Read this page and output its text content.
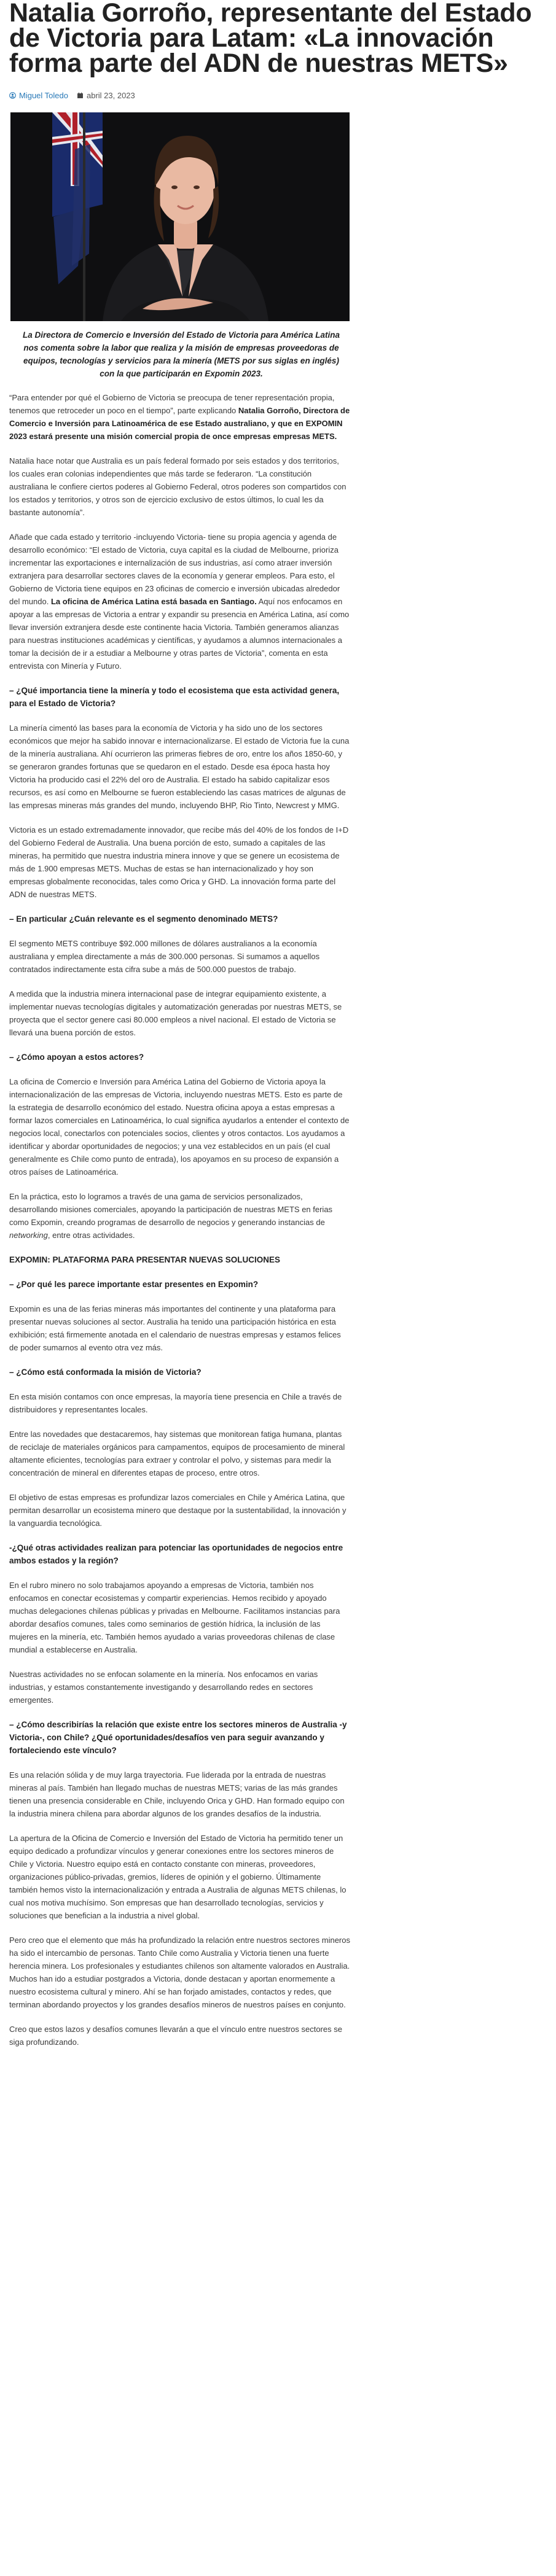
Natalia Gorroño, representante del Estado de Victoria para Latam: «La innovación forma parte del ADN de nuestras METS»
Miguel Toledo abril 23, 2023
La Directora de Comercio e Inversión del Estado de Victoria para América Latina nos comenta sobre la labor que realiza y la misión de empresas proveedoras de equipos, tecnologías y servicios para la minería (METS por sus siglas en inglés) con la que participarán en Expomin 2023.

“Para entender por qué el Gobierno de Victoria se preocupa de tener representación propia, tenemos que retroceder un poco en el tiempo”, parte explicando Natalia Gorroño, Directora de Comercio e Inversión para Latinoamérica de ese Estado australiano, y que en EXPOMIN 2023 estará presente una misión comercial propia de once empresas empresas METS.

Natalia hace notar que Australia es un país federal formado por seis estados y dos territorios, los cuales eran colonias independientes que más tarde se federaron. “La constitución australiana le confiere ciertos poderes al Gobierno Federal, otros poderes son compartidos con los estados y territorios, y otros son de ejercicio exclusivo de estos últimos, lo cual les da bastante autonomía”.

Añade que cada estado y territorio -incluyendo Victoria- tiene su propia agencia y agenda de desarrollo económico: “El estado de Victoria, cuya capital es la ciudad de Melbourne, prioriza incrementar las exportaciones e internalización de sus industrias, así como atraer inversión extranjera para desarrollar sectores claves de la economía y generar empleos. Para esto, el Gobierno de Victoria tiene equipos en 23 oficinas de comercio e inversión ubicadas alrededor del mundo. La oficina de América Latina está basada en Santiago. Aquí nos enfocamos en apoyar a las empresas de Victoria a entrar y expandir su presencia en América Latina, así como llevar inversión extranjera desde este continente hacia Victoria. También generamos alianzas para nuestras instituciones académicas y científicas, y ayudamos a alumnos internacionales a tomar la decisión de ir a estudiar a Melbourne y otras partes de Victoria”, comenta en esta entrevista con Minería y Futuro.

– ¿Qué importancia tiene la minería y todo el ecosistema que esta actividad genera, para el Estado de Victoria?

La minería cimentó las bases para la economía de Victoria y ha sido uno de los sectores económicos que mejor ha sabido innovar e internacionalizarse. El estado de Victoria fue la cuna de la minería australiana. Ahí ocurrieron las primeras fiebres de oro, entre los años 1850-60, y se generaron grandes fortunas que se quedaron en el estado. Desde esa época hasta hoy Victoria ha producido casi el 22% del oro de Australia. El estado ha sabido capitalizar esos recursos, es así como en Melbourne se fueron estableciendo las casas matrices de algunas de las empresas mineras más grandes del mundo, incluyendo BHP, Rio Tinto, Newcrest y MMG.

Victoria es un estado extremadamente innovador, que recibe más del 40% de los fondos de I+D del Gobierno Federal de Australia. Una buena porción de esto, sumado a capitales de las mineras, ha permitido que nuestra industria minera innove y que se genere un ecosistema de más de 1.900 empresas METS. Muchas de estas se han internacionalizado y hoy son empresas globalmente reconocidas, tales como Orica y GHD. La innovación forma parte del ADN de nuestras METS.

– En particular ¿Cuán relevante es el segmento denominado METS?

El segmento METS contribuye $92.000 millones de dólares australianos a la economía australiana y emplea directamente a más de 300.000 personas. Si sumamos a aquellos contratados indirectamente esta cifra sube a más de 500.000 puestos de trabajo.

A medida que la industria minera internacional pase de integrar equipamiento existente, a implementar nuevas tecnologías digitales y automatización generadas por nuestras METS, se proyecta que el sector genere casi 80.000 empleos a nivel nacional. El estado de Victoria se llevará una buena porción de estos.

– ¿Cómo apoyan a estos actores?

La oficina de Comercio e Inversión para América Latina del Gobierno de Victoria apoya la internacionalización de las empresas de Victoria, incluyendo nuestras METS. Esto es parte de la estrategia de desarrollo económico del estado. Nuestra oficina apoya a estas empresas a formar lazos comerciales en Latinoamérica, lo cual significa ayudarlos a entender el contexto de negocios local, conectarlos con potenciales socios, clientes y otros contactos. Los ayudamos a identificar y abordar oportunidades de negocios; y una vez establecidos en un país (el cual generalmente es Chile como punto de entrada), los apoyamos en su proceso de expansión a otros países de Latinoamérica.

En la práctica, esto lo logramos a través de una gama de servicios personalizados, desarrollando misiones comerciales, apoyando la participación de nuestras METS en ferias como Expomin, creando programas de desarrollo de negocios y generando instancias de networking, entre otras actividades.

EXPOMIN: PLATAFORMA PARA PRESENTAR NUEVAS SOLUCIONES
– ¿Por qué les parece importante estar presentes en Expomin?

Expomin es una de las ferias mineras más importantes del continente y una plataforma para presentar nuevas soluciones al sector. Australia ha tenido una participación histórica en esta exhibición; está firmemente anotada en el calendario de nuestras empresas y estamos felices de poder sumarnos al evento otra vez más.

– ¿Cómo está conformada la misión de Victoria?

En esta misión contamos con once empresas, la mayoría tiene presencia en Chile a través de distribuidores y representantes locales.

Entre las novedades que destacaremos, hay sistemas que monitorean fatiga humana, plantas de reciclaje de materiales orgánicos para campamentos, equipos de procesamiento de mineral altamente eficientes, tecnologías para extraer y controlar el polvo, y sistemas para medir la concentración de mineral en diferentes etapas de proceso, entre otros.

El objetivo de estas empresas es profundizar lazos comerciales en Chile y América Latina, que permitan desarrollar un ecosistema minero que destaque por la sustentabilidad, la innovación y la vanguardia tecnológica.

-¿Qué otras actividades realizan para potenciar las oportunidades de negocios entre ambos estados y la región?

En el rubro minero no solo trabajamos apoyando a empresas de Victoria, también nos enfocamos en conectar ecosistemas y compartir experiencias. Hemos recibido y apoyado muchas delegaciones chilenas públicas y privadas en Melbourne. Facilitamos instancias para abordar desafíos comunes, tales como seminarios de gestión hídrica, la inclusión de las mujeres en la minería, etc. También hemos ayudado a varias proveedoras chilenas de clase mundial a establecerse en Australia.

Nuestras actividades no se enfocan solamente en la minería. Nos enfocamos en varias industrias, y estamos constantemente investigando y desarrollando redes en sectores emergentes.

– ¿Cómo describirías la relación que existe entre los sectores mineros de Australia -y Victoria-, con Chile? ¿Qué oportunidades/desafíos ven para seguir avanzando y fortaleciendo este vínculo?

Es una relación sólida y de muy larga trayectoria. Fue liderada por la entrada de nuestras mineras al país. También han llegado muchas de nuestras METS; varias de las más grandes tienen una presencia considerable en Chile, incluyendo Orica y GHD. Han formado equipo con la industria minera chilena para abordar algunos de los grandes desafíos de la industria.

La apertura de la Oficina de Comercio e Inversión del Estado de Victoria ha permitido tener un equipo dedicado a profundizar vínculos y generar conexiones entre los sectores mineros de Chile y Victoria. Nuestro equipo está en contacto constante con mineras, proveedores, organizaciones público-privadas, gremios, líderes de opinión y el gobierno. Últimamente también hemos visto la internacionalización y entrada a Australia de algunas METS chilenas, lo cual nos motiva muchísimo. Son empresas que han desarrollado tecnologías, servicios y soluciones que benefician a la industria a nivel global.

Pero creo que el elemento que más ha profundizado la relación entre nuestros sectores mineros ha sido el intercambio de personas. Tanto Chile como Australia y Victoria tienen una fuerte herencia minera. Los profesionales y estudiantes chilenos son altamente valorados en Australia. Muchos han ido a estudiar postgrados a Victoria, donde destacan y aportan enormemente a nuestro ecosistema cultural y minero. Ahí se han forjado amistades, contactos y redes, que terminan abordando proyectos y los grandes desafíos mineros de nuestros países en conjunto.

Creo que estos lazos y desafíos comunes llevarán a que el vínculo entre nuestros sectores se siga profundizando.
